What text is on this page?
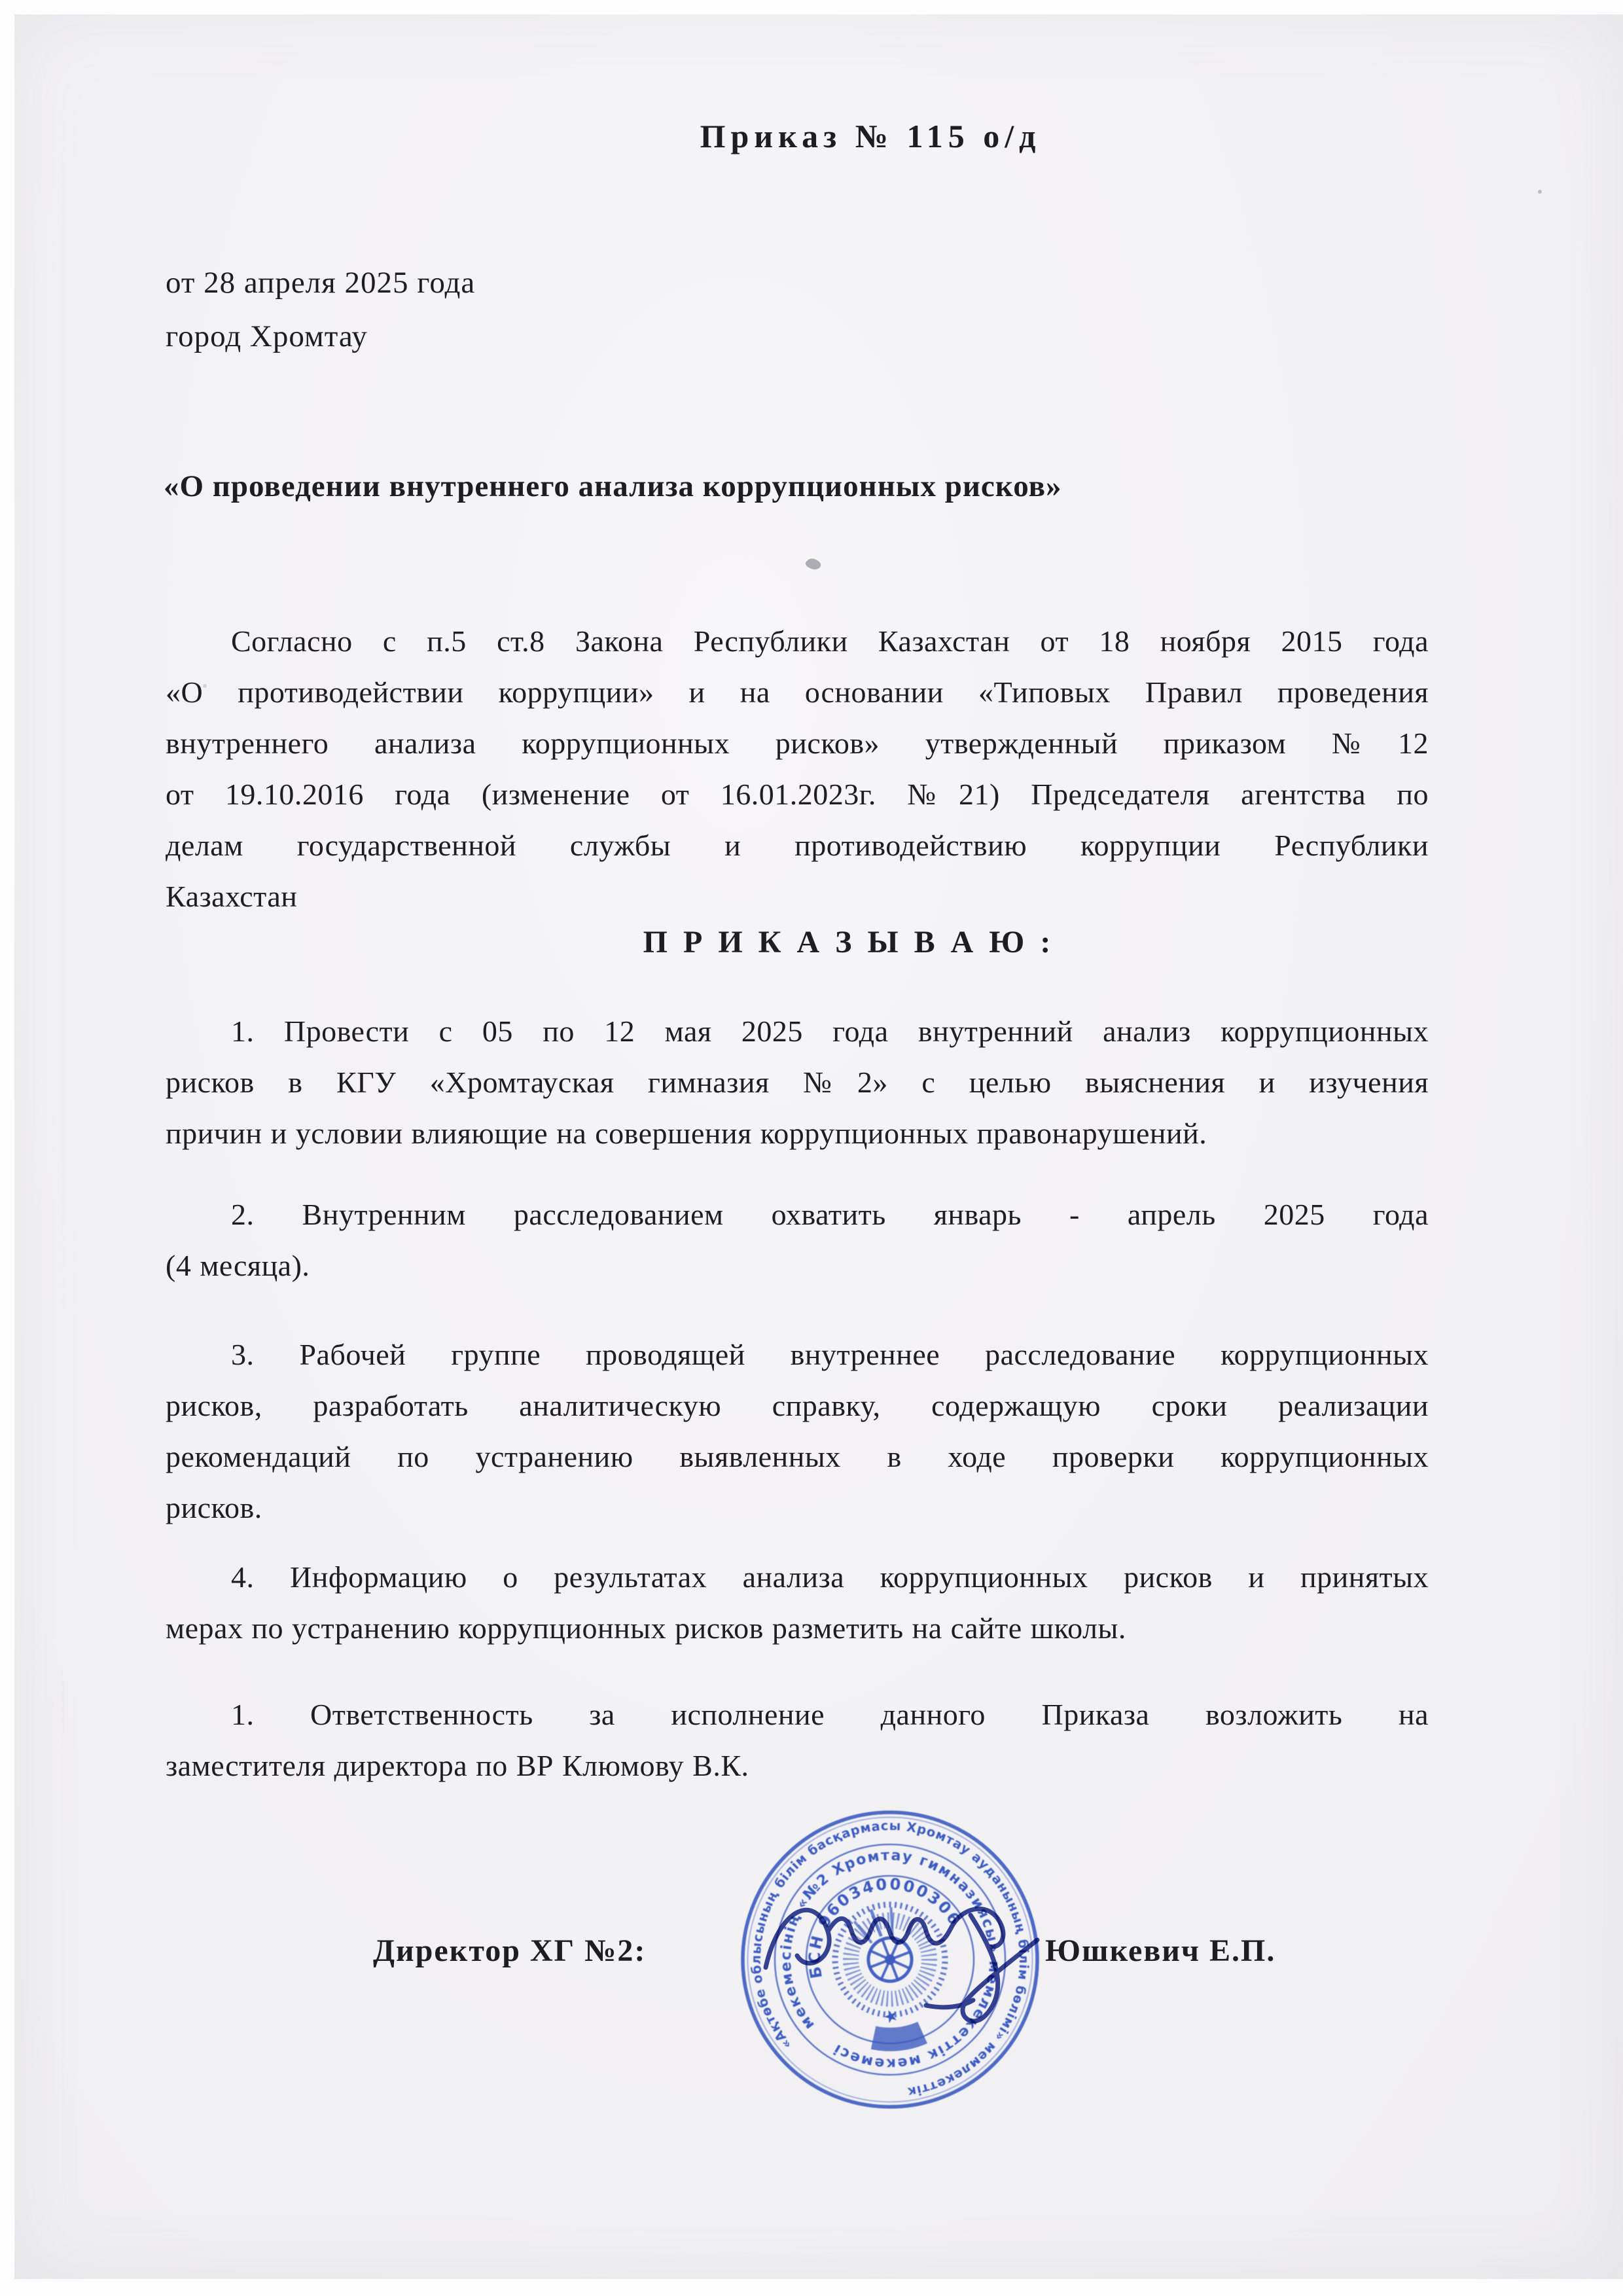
Приказ № 115 о/д
от 28 апреля 2025 года
город Хромтау
«О проведении внутреннего анализа коррупционных рисков»
Согласно с п.5 ст.8 Закона Республики Казахстан от 18 ноября 2015 года
«О противодействии коррупции» и на основании «Типовых Правил проведения
внутреннего анализа коррупционных рисков» утвержденный приказом №12
от 19.10.2016 года (изменение от 16.01.2023г. №21) Председателя агентства по
делам государственной службы и противодействию коррупции Республики
Казахстан
П Р И К А З Ы В А Ю :
1. Провести с 05 по 12 мая 2025 года внутренний анализ коррупционных
рисков в КГУ «Хромтауская гимназия №2» с целью выяснения и изучения
причин и условии влияющие на совершения коррупционных правонарушений.
2. Внутренним расследованием охватить январь - апрель 2025 года
(4 месяца).
3. Рабочей группе проводящей внутреннее расследование коррупционных
рисков, разработать аналитическую справку, содержащую сроки реализации
рекомендаций по устранению выявленных в ходе проверки коррупционных
рисков.
4. Информацию о результатах анализа коррупционных рисков и принятых
мерах по устранению коррупционных рисков разметить на сайте школы.
1. Ответственность за исполнение данного Приказа возложить на
заместителя директора по ВР Клюмову В.К.
Директор ХГ №2:	Юшкевич Е.П.
«Ақтөбе облысының білім басқармасы Хромтау ауданының білім бөлімі» мемлекеттік
мекемесінің «№2 Хромтау гимназиясы» мемлекеттік мекемесі
БСН 960340000306
★
